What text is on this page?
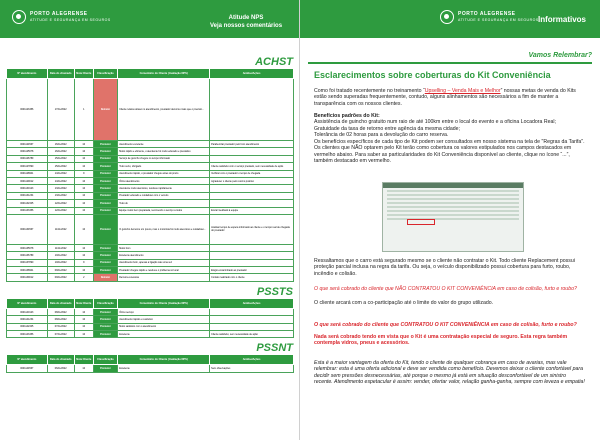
PORTO ALEGRENSE
ATITUDE E SEGURANÇA EM SEGUROS	Atitude NPS
Veja nossos comentários
ACHST
Nº atendimento	Data do chamado	Nota Cliente	Classificação	Comentário do Cliente (Avaliação NPS)	Análise/Ações
0001123456	17/11/2022	1	Detrator	Cliente relatou atraso no atendimento, prestador demorou mais que o previsto...	
0001124567	16/11/2022	10	Promotor	Atendimento excelente	Parabenizar prestador pelo bom atendimento
0001125678	16/11/2022	10	Promotor	Muito rápido e eficiente, o atendente foi muito educado e prestativo	
0001126789	15/11/2022	10	Promotor	Serviço de guincho chegou no tempo informado	
0001127890	15/11/2022	10	Promotor	Tudo certo, obrigado	Cliente satisfeito com o serviço prestado, sem necessidade de ação
0001128901	14/11/2022	9	Promotor	Atendimento rápido, o prestador chegou antes do prazo	Verificar com o prestador o tempo de chegada
0001129012	14/11/2022	10	Promotor	Ótimo atendimento	Agradecer o cliente pelo retorno positivo
0001130123	13/11/2022	10	Promotor	Atendente muito atencioso, resolveu rapidamente	
0001131234	13/11/2022	10	Promotor	Prestador educado e cuidadoso com o veículo	
0001132345	12/11/2022	10	Promotor	Tudo ok	
0001133456	12/11/2022	10	Promotor	Equipe muito bem preparada, recomendo o serviço a todos	Enviar feedback à equipe
0001134567	11/11/2022	10	Promotor	O guincho demorou um pouco, mas o motorista foi muito atencioso e cuidadoso...	Analisar tempo de espera informado ao cliente e o tempo real de chegada do prestador
0001135678	11/11/2022	10	Promotor	Muito bom	
0001136789	10/11/2022	10	Promotor	Excelente atendimento	
0001137890	10/11/2022	9	Promotor	Atendimento bom, apenas a ligação caiu uma vez	
0001138901	09/11/2022	10	Promotor	Prestador chegou rápido e resolveu o problema no local	Elogio encaminhado ao prestador
0001139012	09/11/2022	2	Detrator	Demora excessiva	Contato realizado com o cliente
PSSTS
Nº atendimento	Data do chamado	Nota Cliente	Classificação	Comentário do Cliente (Avaliação NPS)	Análise/Ações
0001140123	08/11/2022	10	Promotor	Ótimo serviço	
0001141234	08/11/2022	10	Promotor	Atendimento rápido e resolutivo	
0001142345	07/11/2022	10	Promotor	Muito satisfeito com o atendimento	
0001143456	07/11/2022	10	Promotor	Excelente	Cliente satisfeito, sem necessidade de ação
PSSNT
Nº atendimento	Data do chamado	Nota Cliente	Classificação	Comentário do Cliente (Avaliação NPS)	Análise/Ações
0001144567	06/11/2022	10	Promotor	Excelente	Sem observações
PORTO ALEGRENSE
ATITUDE E SEGURANÇA EM SEGUROS Informativos
Vamos Relembrar?
Esclarecimentos sobre coberturas do Kit Conveniência

Como foi tratado recentemente no treinamento “Upselling – Venda Mais e Melhor” nossas metas de venda do Kits estão sendo superadas frequentemente, contudo, alguns alinhamentos são necessários a fim de manter a transparência com os nossos clientes.

Benefícios padrões do Kit:

Assistência de guincho gratuito num raio de até 100km entre o local do evento e a oficina Locadora Real;

Gratuidade da taxa de retorno entre agência da mesma cidade;

Tolerância de 02 horas para a devolução do carro reserva.

Os benefícios específicos de cada tipo de Kit podem ser consultados em nosso sistema na tela de "Regras da Tarifa". Os clientes que NÃO optarem pelo Kit terão como cobertura os valores estipulados nos campos destacados em vermelho abaixo. Para saber as particularidades do Kit Conveniência disponível ao cliente, clique no ícone “...”, também destacado em vermelho.

Ressaltamos que o carro está segurado mesmo se o cliente não contratar o Kit. Todo cliente Replacement possui proteção parcial inclusa na regra da tarifa. Ou seja, o veículo disponibilizado possui cobertura para furto, roubo, incêndio e colisão.

O que será cobrado do cliente que NÃO CONTRATOU O KIT CONVENIÊNCIA em caso de colisão, furto e roubo?

O cliente arcará com a co-participação até o limite do valor do grupo utilizado.

O que será cobrado do cliente que CONTRATOU O KIT CONVENIÊNCIA em caso de colisão, furto e roubo?

Nada será cobrado tendo em vista que o Kit é uma contratação especial de seguro. Esta regra também contempla vidros, pneus e acessórios.

Esta é a maior vantagem da oferta do Kit, tendo o cliente de qualquer cobrança em caso de avarias, mas vale relembrar: esta é uma oferta adicional e deve ser vendida como benefício. Devemos deixar o cliente confortável para decidir sem pressões desnecessárias, até porque o mesmo já está em situação desconfortável de um sinistro recente. Atendimento espetacular é assim: vender, ofertar valor, relação ganha-ganha, sempre com leveza e empatia!
